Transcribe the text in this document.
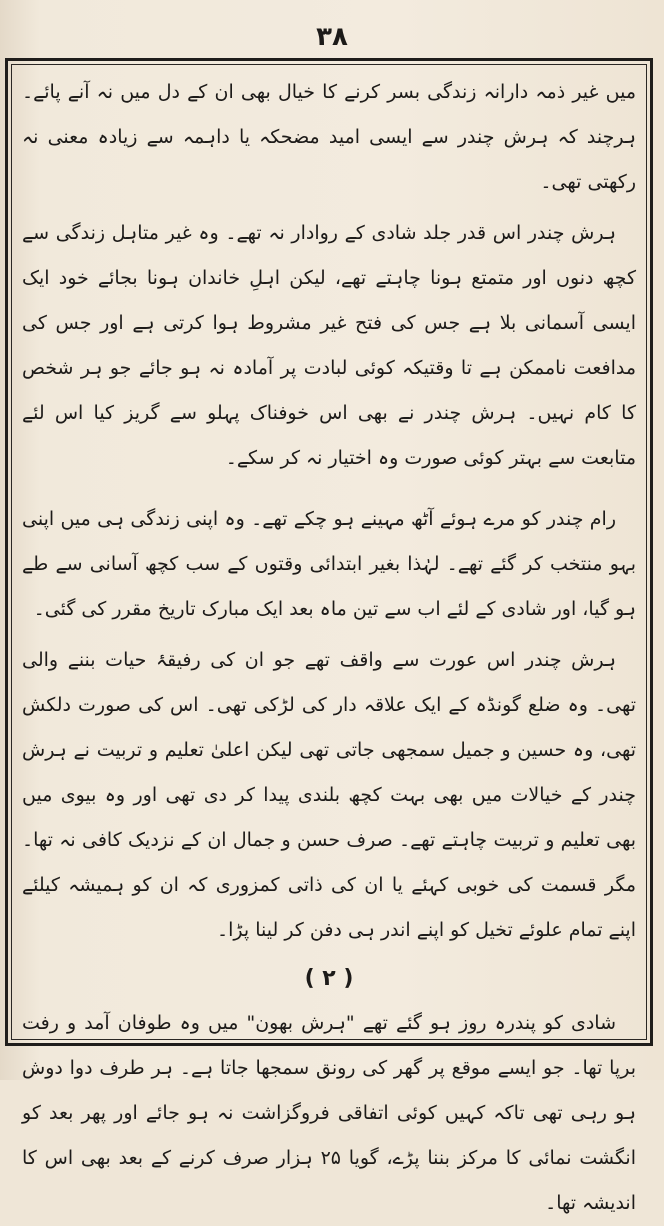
۳۸

میں غیر ذمہ دارانہ زندگی بسر کرنے کا خیال بھی ان کے دل میں نہ آنے پائے۔ ہرچند کہ ہرش چندر سے ایسی امید مضحکہ یا داہمہ سے زیادہ معنی نہ رکھتی تھی۔

ہرش چندر اس قدر جلد شادی کے روادار نہ تھے۔ وہ غیر متاہل زندگی سے کچھ دنوں اور متمتع ہونا چاہتے تھے، لیکن اہلِ خاندان ہونا بجائے خود ایک ایسی آسمانی بلا ہے جس کی فتح غیر مشروط ہوا کرتی ہے اور جس کی مدافعت ناممکن ہے تا وقتیکہ کوئی لبادت پر آمادہ نہ ہو جائے جو ہر شخص کا کام نہیں۔ ہرش چندر نے بھی اس خوفناک پہلو سے گریز کیا اس لئے متابعت سے بہتر کوئی صورت وہ اختیار نہ کر سکے۔

رام چندر کو مرے ہوئے آٹھ مہینے ہو چکے تھے۔ وہ اپنی زندگی ہی میں اپنی بہو منتخب کر گئے تھے۔ لہٰذا بغیر ابتدائی وقتوں کے سب کچھ آسانی سے طے ہو گیا، اور شادی کے لئے اب سے تین ماہ بعد ایک مبارک تاریخ مقرر کی گئی۔

ہرش چندر اس عورت سے واقف تھے جو ان کی رفیقۂ حیات بننے والی تھی۔ وہ ضلع گونڈہ کے ایک علاقہ دار کی لڑکی تھی۔ اس کی صورت دلکش تھی، وہ حسین و جمیل سمجھی جاتی تھی لیکن اعلیٰ تعلیم و تربیت نے ہرش چندر کے خیالات میں بھی بہت کچھ بلندی پیدا کر دی تھی اور وہ بیوی میں بھی تعلیم و تربیت چاہتے تھے۔ صرف حسن و جمال ان کے نزدیک کافی نہ تھا۔ مگر قسمت کی خوبی کہئے یا ان کی ذاتی کمزوری کہ ان کو ہمیشہ کیلئے اپنے تمام علوئے تخیل کو اپنے اندر ہی دفن کر لینا پڑا۔

( ۲ )

شادی کو پندرہ روز ہو گئے تھے "ہرش بھون" میں وہ طوفان آمد و رفت برپا تھا۔ جو ایسے موقع پر گھر کی رونق سمجھا جاتا ہے۔ ہر طرف دوا دوش ہو رہی تھی تاکہ کہیں کوئی اتفاقی فروگزاشت نہ ہو جائے اور پھر بعد کو انگشت نمائی کا مرکز بننا پڑے، گویا ۲۵ ہزار صرف کرنے کے بعد بھی اس کا اندیشہ تھا۔
